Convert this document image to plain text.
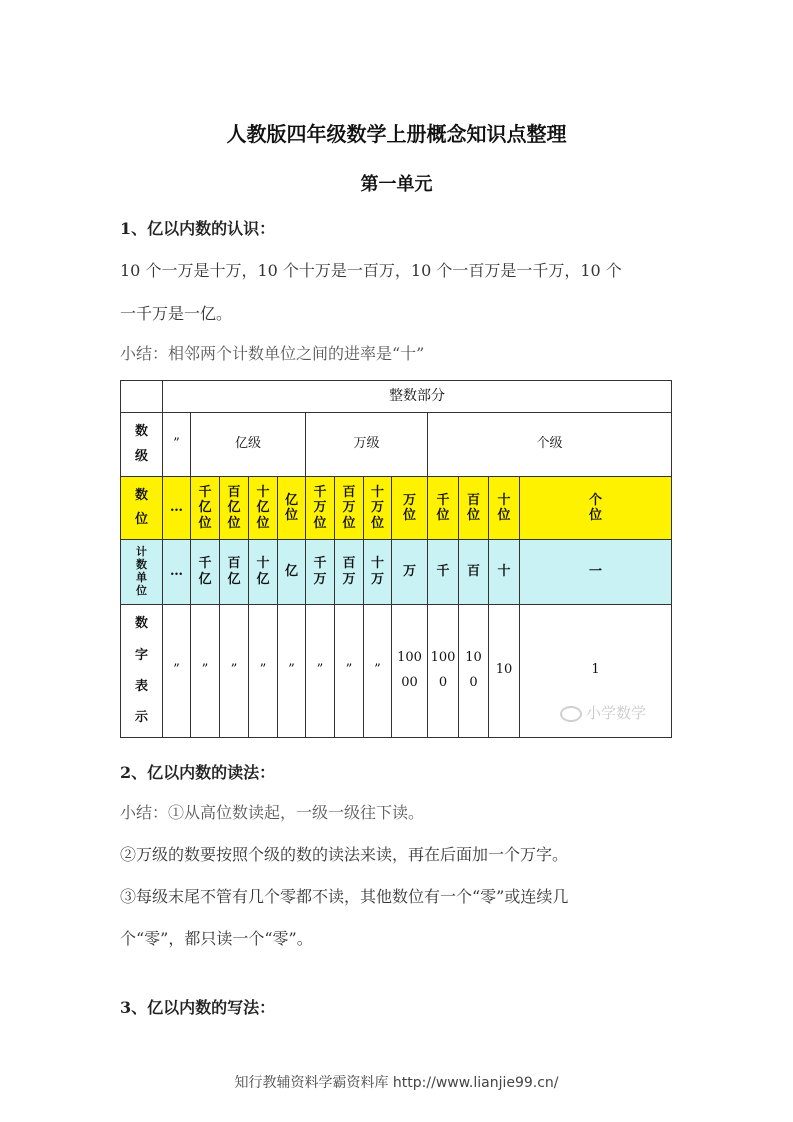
人教版四年级数学上册概念知识点整理
第一单元
1、亿以内数的认识：
10 个一万是十万，10 个十万是一百万，10 个一百万是一千万，10 个
一千万是一亿。
小结：相邻两个计数单位之间的进率是“十”
	整数部分												
数级	”	亿级				万级				个级			
数位	…	千亿位	百亿位	十亿位	亿位	千万位	百万位	十万位	万位	千位	百位	十位	个位
计数单位	…	千亿	百亿	十亿	亿	千万	百万	十万	万	千	百	十	一
数字表示	”	”	”	”	”	”	”	”	10000	1000	100	10	1
小学数学
2、亿以内数的读法：
小结：①从高位数读起，一级一级往下读。
②万级的数要按照个级的数的读法来读，再在后面加一个万字。
③每级末尾不管有几个零都不读，其他数位有一个“零”或连续几
个“零”，都只读一个“零”。
3、亿以内数的写法：
知行教辅资料学霸资料库 http://www.lianjie99.cn/
